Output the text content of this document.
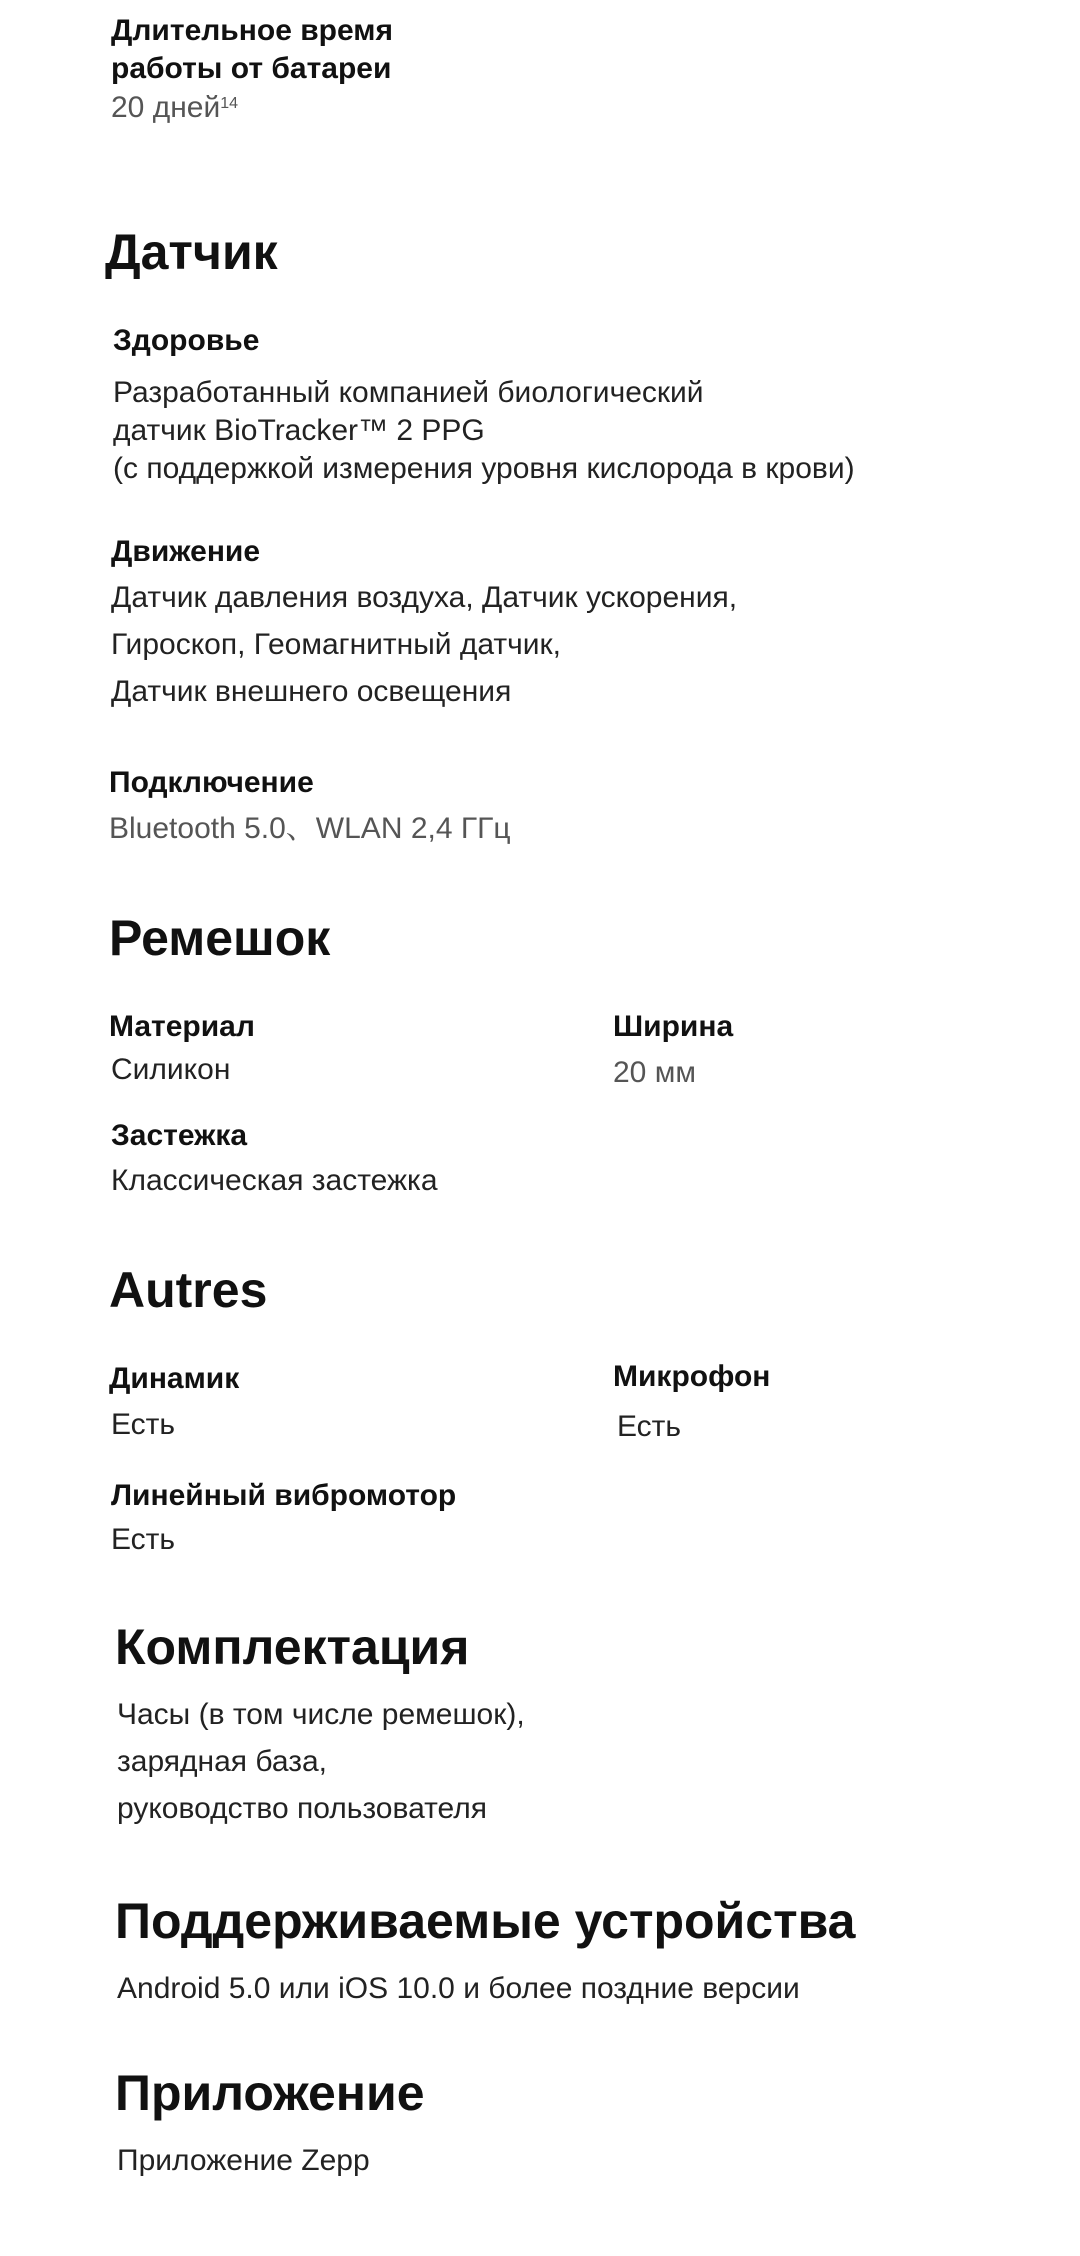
Длительное время
работы от батареи
20 дней$^{14}$
Датчик
Здоровье
Разработанный компанией биологический
датчик BioTracker™ 2 PPG
(с поддержкой измерения уровня кислорода в крови)
Движение
Датчик давления воздуха, Датчик ускорения,
Гироскоп, Геомагнитный датчик,
Датчик внешнего освещения
Подключение
Bluetooth 5.0、WLAN 2,4 ГГц
Ремешок
Материал
Силикон
Ширина
20 мм
Застежка
Классическая застежка
Autres
Динамик
Есть
Микрофон
Есть
Линейный вибромотор
Есть
Комплектация
Часы (в том числе ремешок),
зарядная база,
руководство пользователя
Поддерживаемые устройства
Android 5.0 или iOS 10.0 и более поздние версии
Приложение
Приложение Zepp
